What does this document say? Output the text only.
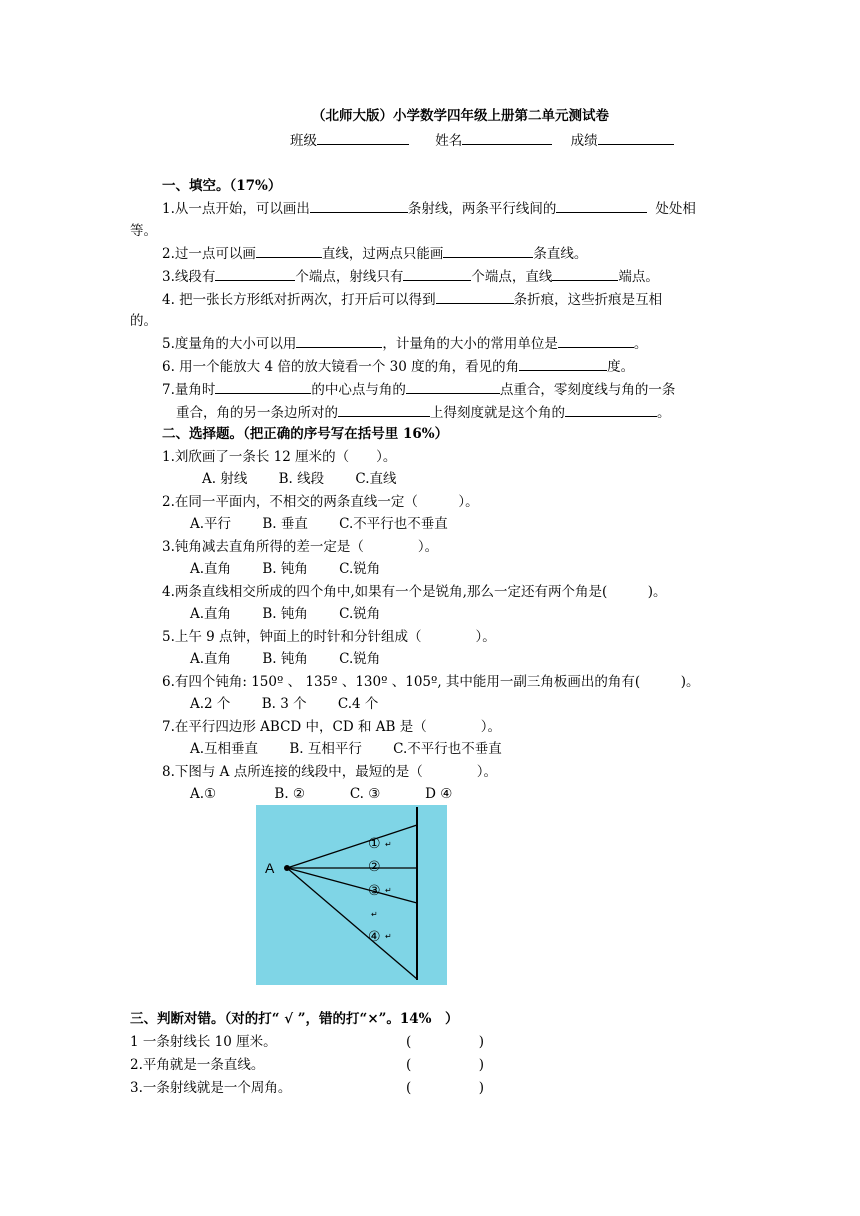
（北师大版）小学数学四年级上册第二单元测试卷
班级	姓名	成绩
一、填空。（17%）
1.从一点开始，可以画出	条射线，两条平行线间的	处处相
等。
2.过一点可以画	直线，过两点只能画	条直线。
3.线段有	个端点，射线只有	个端点，直线	端点。
4. 把一张长方形纸对折两次，打开后可以得到	条折痕，这些折痕是互相
的。
5.度量角的大小可以用	，计量角的大小的常用单位是	。
6. 用一个能放大 4 倍的放大镜看一个 30 度的角，看见的角	度。
7.量角时	的中心点与角的	点重合，零刻度线与角的一条
重合，角的另一条边所对的	上得刻度就是这个角的	。
二、选择题。（把正确的序号写在括号里 16%）
1.刘欣画了一条长 12 厘米的（　　）。
A. 射线　　 B. 线段　　 C.直线
2.在同一平面内，不相交的两条直线一定（　　　）。
A.平行　　 B. 垂直　　 C.不平行也不垂直
3.钝角减去直角所得的差一定是（　　　　）。
A.直角　　 B. 钝角　　 C.锐角
4.两条直线相交所成的四个角中,如果有一个是锐角,那么一定还有两个角是(　　　)。
A.直角　　 B. 钝角　　 C.锐角
5.上午 9 点钟，钟面上的时针和分针组成（　　　　）。
A.直角　　 B. 钝角　　 C.锐角
6.有四个钝角: 150º 、 135º 、130º 、105º, 其中能用一副三角板画出的角有(　　　)。
A.2 个　　 B. 3 个　　 C.4 个
7.在平行四边形 ABCD 中，CD 和 AB 是（　　　　）。
A.互相垂直　　 B. 互相平行　　 C.不平行也不垂直
8.下图与 A 点所连接的线段中，最短的是（　　　　）。
A.①　　　　 B. ②　　　 C. ③　　　 D ④
A
① ↵
②
③ ↵
↵
④ ↵
三、判断对错。（对的打“ √ ”，错的打“×”。14%　）
1 一条射线长 10 厘米。	(　　　　　)
2.平角就是一条直线。	(　　　　　)
3.一条射线就是一个周角。	(　　　　　)
